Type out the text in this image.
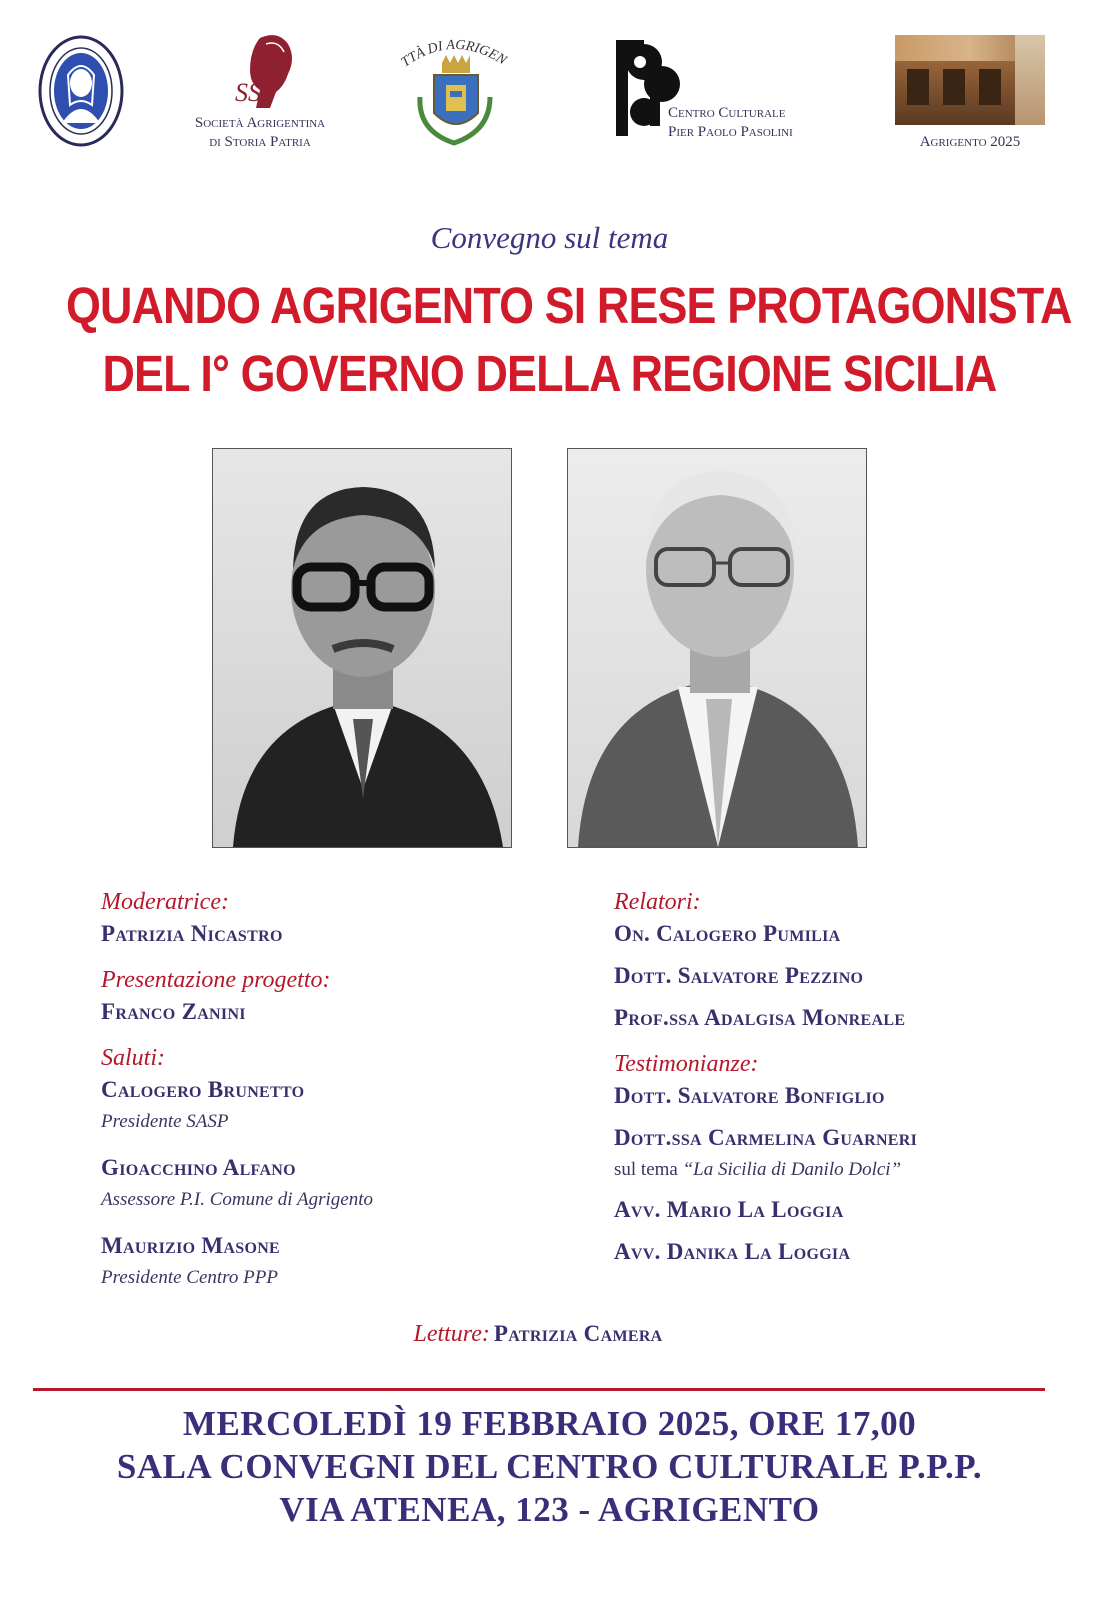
SSP
Società Agrigentina
di Storia Patria
TTÀ DI AGRIGEN
Centro Culturale
Pier Paolo Pasolini
Agrigento 2025
Convegno sul tema
QUANDO AGRIGENTO SI RESE PROTAGONISTA
DEL I° GOVERNO DELLA REGIONE SICILIA
Moderatrice:
Patrizia Nicastro
Presentazione progetto:
Franco Zanini
Saluti:
Calogero Brunetto
Presidente SASP
Gioacchino Alfano
Assessore P.I. Comune di Agrigento
Maurizio Masone
Presidente Centro PPP
Relatori:
On. Calogero Pumilia
Dott. Salvatore Pezzino
Prof.ssa Adalgisa Monreale
Testimonianze:
Dott. Salvatore Bonfiglio
Dott.ssa Carmelina Guarneri
sul tema “La Sicilia di Danilo Dolci”
Avv. Mario La Loggia
Avv. Danika La Loggia
Letture: Patrizia Camera
MERCOLEDÌ 19 FEBBRAIO 2025, ORE 17,00
SALA CONVEGNI DEL CENTRO CULTURALE P.P.P.
VIA ATENEA, 123 - AGRIGENTO
